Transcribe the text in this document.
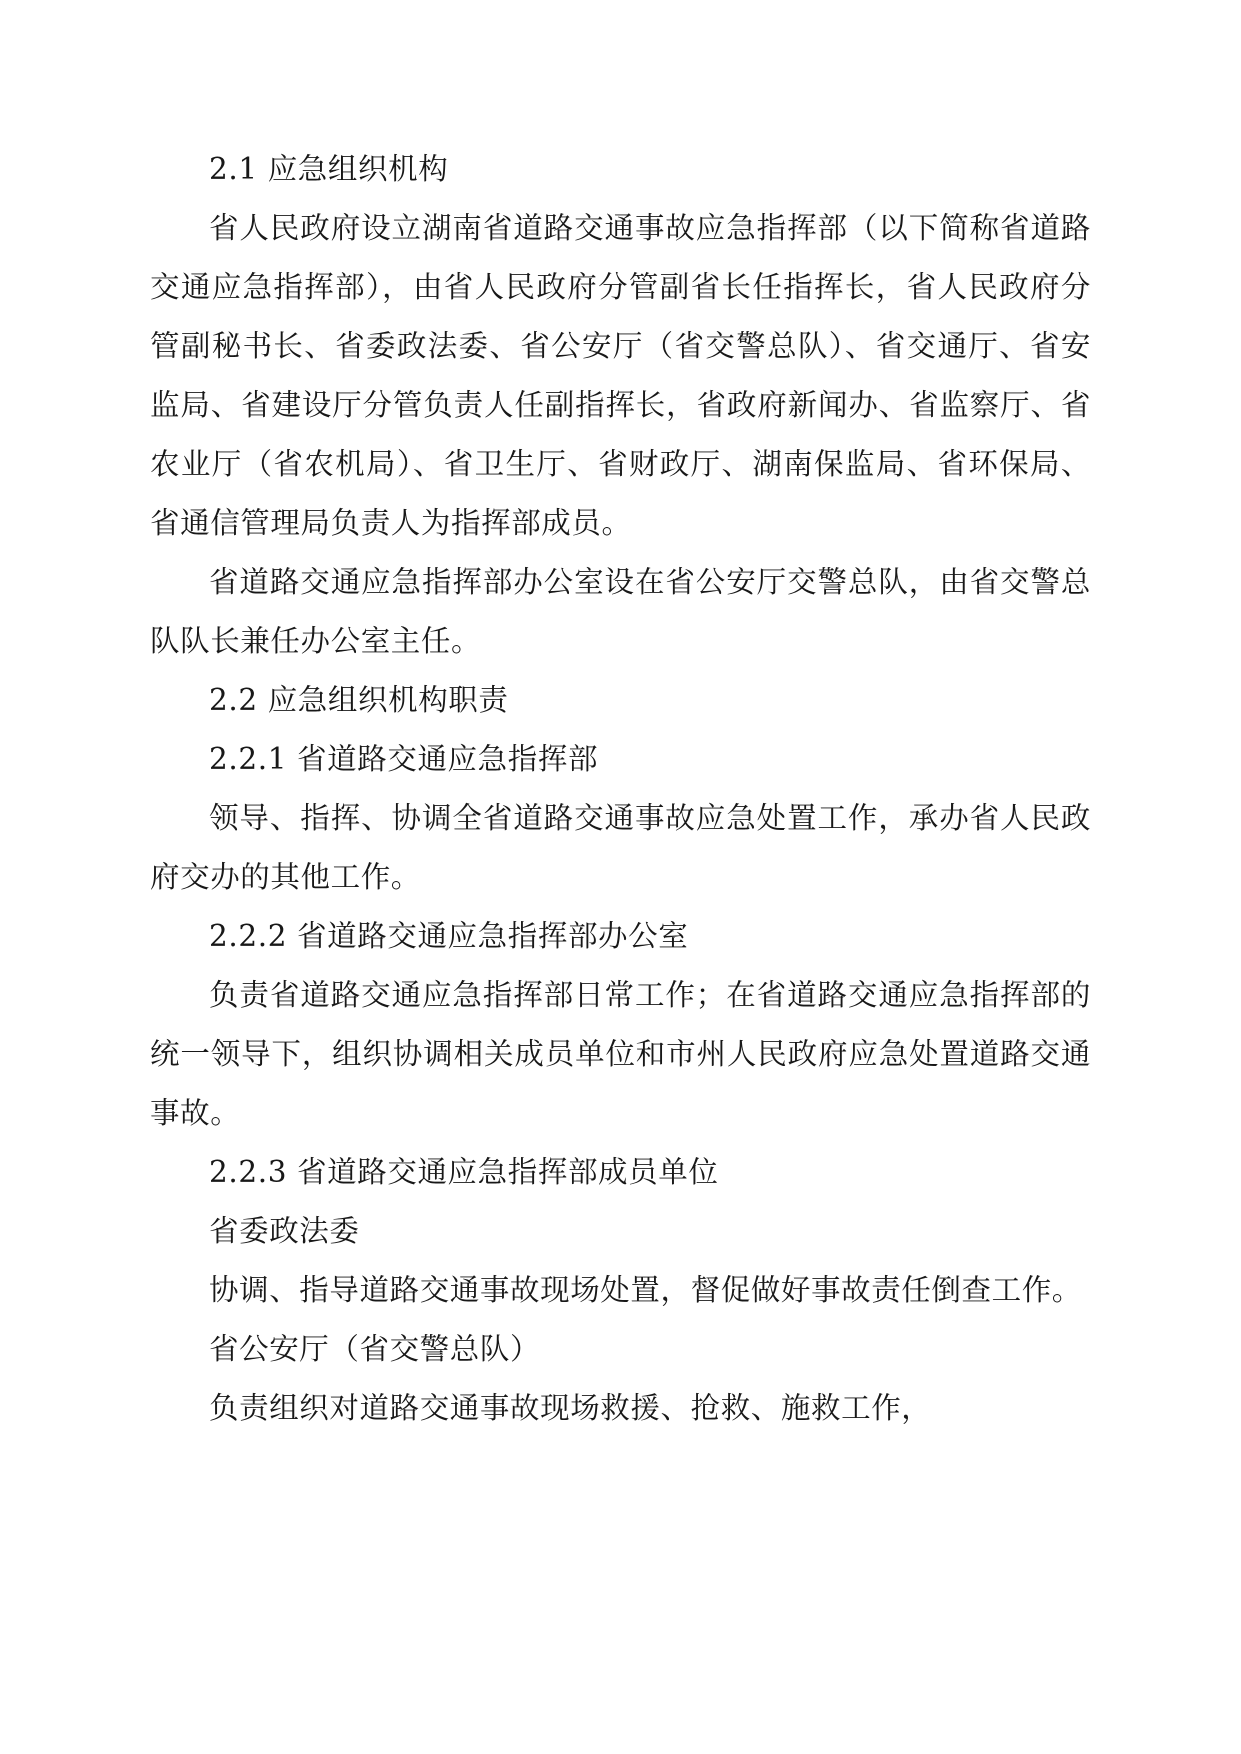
2.1 应急组织机构

省人民政府设立湖南省道路交通事故应急指挥部（以下简称省道路交通应急指挥部），由省人民政府分管副省长任指挥长，省人民政府分管副秘书长、省委政法委、省公安厅（省交警总队）、省交通厅、省安监局、省建设厅分管负责人任副指挥长，省政府新闻办、省监察厅、省农业厅（省农机局）、省卫生厅、省财政厅、湖南保监局、省环保局、省通信管理局负责人为指挥部成员。

省道路交通应急指挥部办公室设在省公安厅交警总队，由省交警总队队长兼任办公室主任。

2.2 应急组织机构职责

2.2.1 省道路交通应急指挥部

领导、指挥、协调全省道路交通事故应急处置工作，承办省人民政府交办的其他工作。

2.2.2 省道路交通应急指挥部办公室

负责省道路交通应急指挥部日常工作；在省道路交通应急指挥部的统一领导下，组织协调相关成员单位和市州人民政府应急处置道路交通事故。

2.2.3 省道路交通应急指挥部成员单位

省委政法委

协调、指导道路交通事故现场处置，督促做好事故责任倒查工作。

省公安厅（省交警总队）

负责组织对道路交通事故现场救援、抢救、施救工作，
